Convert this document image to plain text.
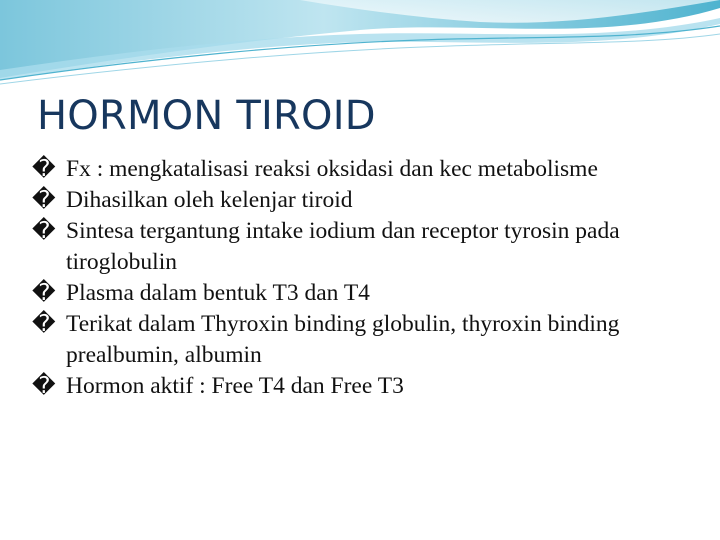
HORMON TIROID
� Fx : mengkatalisasi reaksi oksidasi dan kec metabolisme
� Dihasilkan oleh kelenjar tiroid
� Sintesa tergantung intake iodium dan receptor tyrosin pada tiroglobulin
� Plasma dalam bentuk T3 dan T4
� Terikat dalam Thyroxin binding globulin, thyroxin binding prealbumin, albumin
� Hormon aktif : Free T4 dan Free T3
